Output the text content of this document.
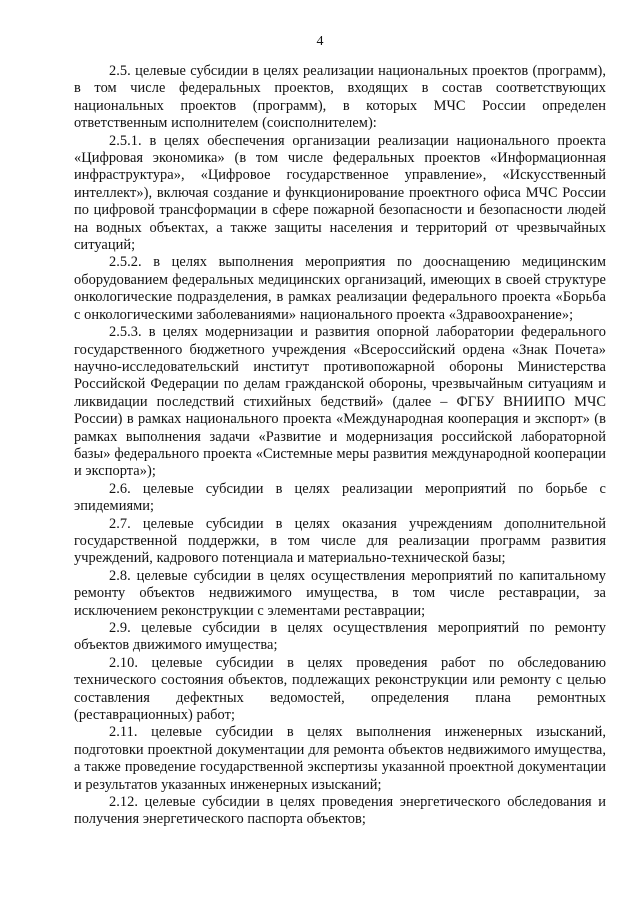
4

2.5. целевые субсидии в целях реализации национальных проектов (программ), в том числе федеральных проектов, входящих в состав соответствующих национальных проектов (программ), в которых МЧС России определен ответственным исполнителем (соисполнителем):

2.5.1. в целях обеспечения организации реализации национального проекта «Цифровая экономика» (в том числе федеральных проектов «Информационная инфраструктура», «Цифровое государственное управление», «Искусственный интеллект»), включая создание и функционирование проектного офиса МЧС России по цифровой трансформации в сфере пожарной безопасности и безопасности людей на водных объектах, а также защиты населения и территорий от чрезвычайных ситуаций;

2.5.2. в целях выполнения мероприятия по дооснащению медицинским оборудованием федеральных медицинских организаций, имеющих в своей структуре онкологические подразделения, в рамках реализации федерального проекта «Борьба с онкологическими заболеваниями» национального проекта «Здравоохранение»;

2.5.3. в целях модернизации и развития опорной лаборатории федерального государственного бюджетного учреждения «Всероссийский ордена «Знак Почета» научно-исследовательский институт противопожарной обороны Министерства Российской Федерации по делам гражданской обороны, чрезвычайным ситуациям и ликвидации последствий стихийных бедствий» (далее – ФГБУ ВНИИПО МЧС России) в рамках национального проекта «Международная кооперация и экспорт» (в рамках выполнения задачи «Развитие и модернизация российской лабораторной базы» федерального проекта «Системные меры развития международной кооперации и экспорта»);

2.6. целевые субсидии в целях реализации мероприятий по борьбе с эпидемиями;

2.7. целевые субсидии в целях оказания учреждениям дополнительной государственной поддержки, в том числе для реализации программ развития учреждений, кадрового потенциала и материально-технической базы;

2.8. целевые субсидии в целях осуществления мероприятий по капитальному ремонту объектов недвижимого имущества, в том числе реставрации, за исключением реконструкции с элементами реставрации;

2.9. целевые субсидии в целях осуществления мероприятий по ремонту объектов движимого имущества;

2.10. целевые субсидии в целях проведения работ по обследованию технического состояния объектов, подлежащих реконструкции или ремонту с целью составления дефектных ведомостей, определения плана ремонтных (реставрационных) работ;

2.11. целевые субсидии в целях выполнения инженерных изысканий, подготовки проектной документации для ремонта объектов недвижимого имущества, а также проведение государственной экспертизы указанной проектной документации и результатов указанных инженерных изысканий;

2.12. целевые субсидии в целях проведения энергетического обследования и получения энергетического паспорта объектов;
